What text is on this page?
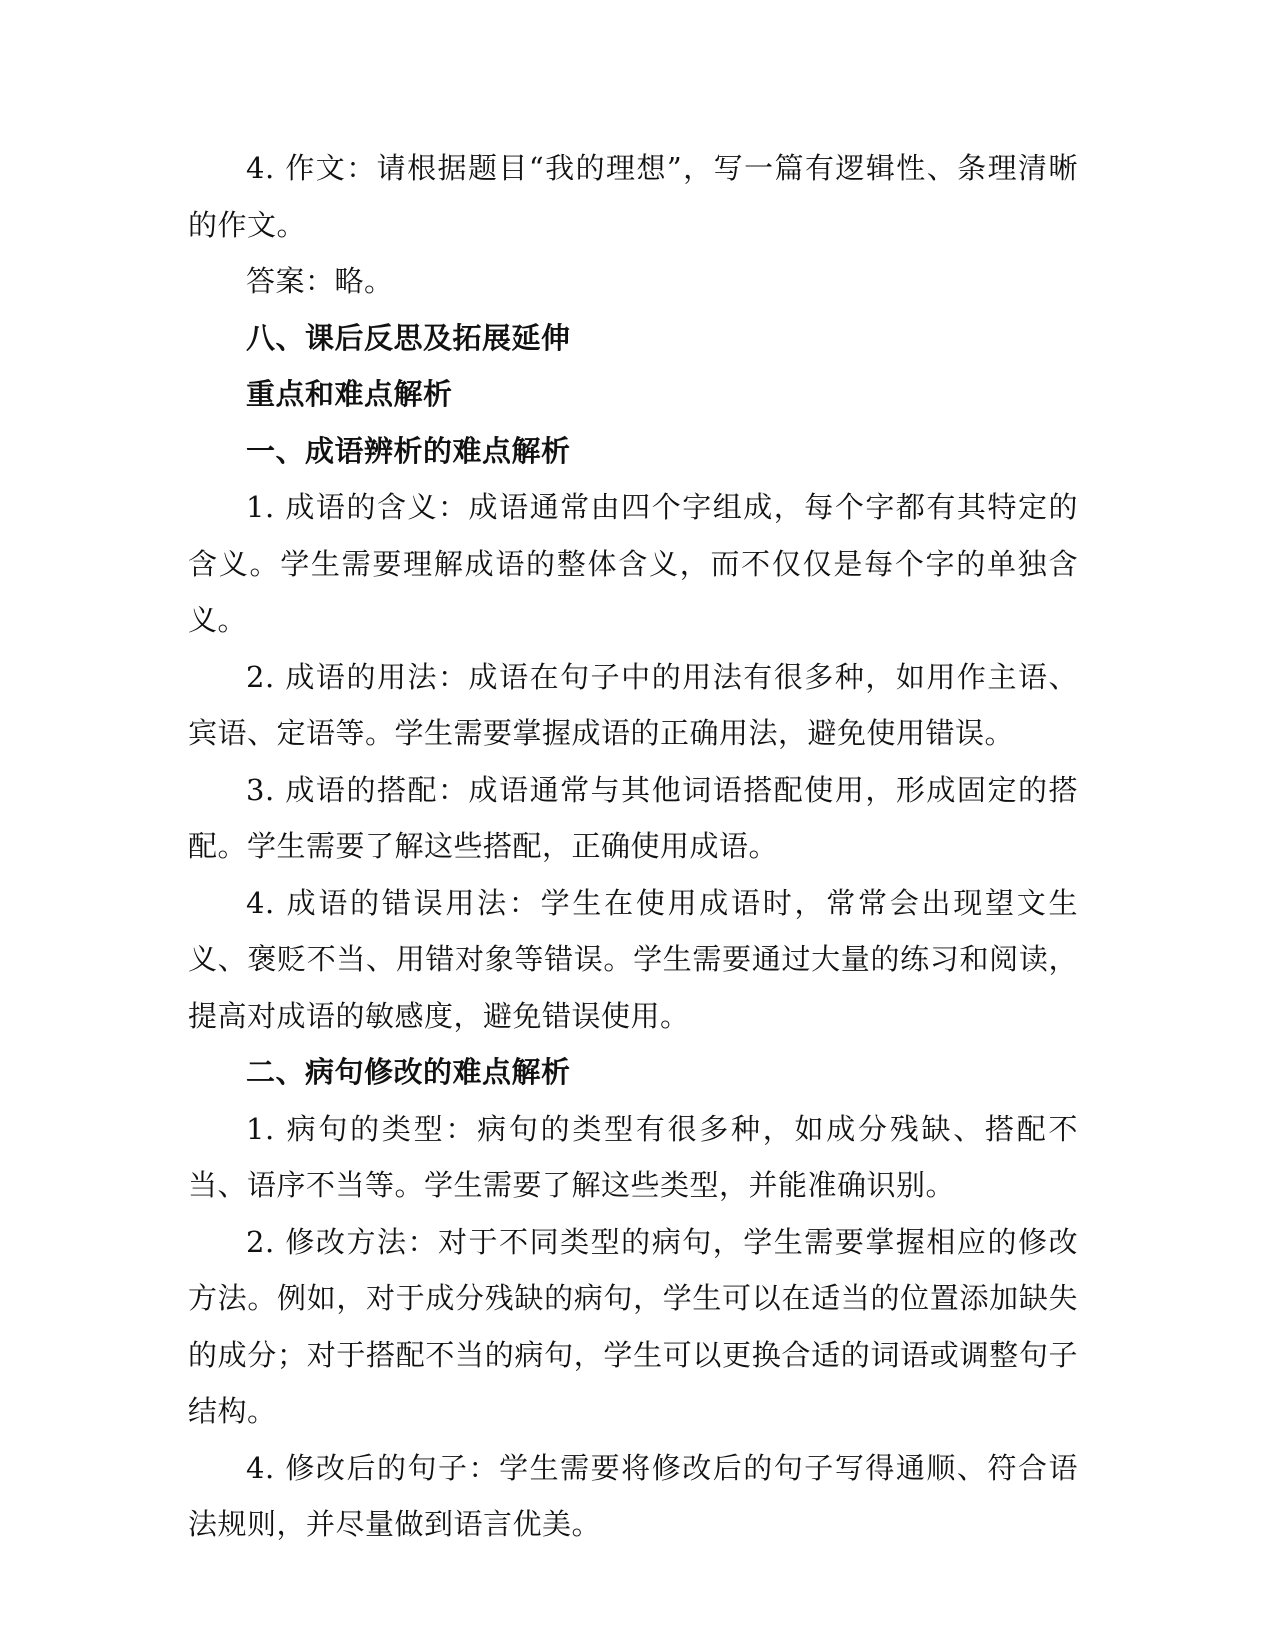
4. 作文：请根据题目“我的理想”，写一篇有逻辑性、条理清晰的作文。

答案：略。

八、课后反思及拓展延伸

重点和难点解析

一、成语辨析的难点解析

1. 成语的含义：成语通常由四个字组成，每个字都有其特定的含义。学生需要理解成语的整体含义，而不仅仅是每个字的单独含义。

2. 成语的用法：成语在句子中的用法有很多种，如用作主语、宾语、定语等。学生需要掌握成语的正确用法，避免使用错误。

3. 成语的搭配：成语通常与其他词语搭配使用，形成固定的搭配。学生需要了解这些搭配，正确使用成语。

4. 成语的错误用法：学生在使用成语时，常常会出现望文生义、褒贬不当、用错对象等错误。学生需要通过大量的练习和阅读，提高对成语的敏感度，避免错误使用。

二、病句修改的难点解析

1. 病句的类型：病句的类型有很多种，如成分残缺、搭配不当、语序不当等。学生需要了解这些类型，并能准确识别。

2. 修改方法：对于不同类型的病句，学生需要掌握相应的修改方法。例如，对于成分残缺的病句，学生可以在适当的位置添加缺失的成分；对于搭配不当的病句，学生可以更换合适的词语或调整句子结构。

4. 修改后的句子：学生需要将修改后的句子写得通顺、符合语法规则，并尽量做到语言优美。
